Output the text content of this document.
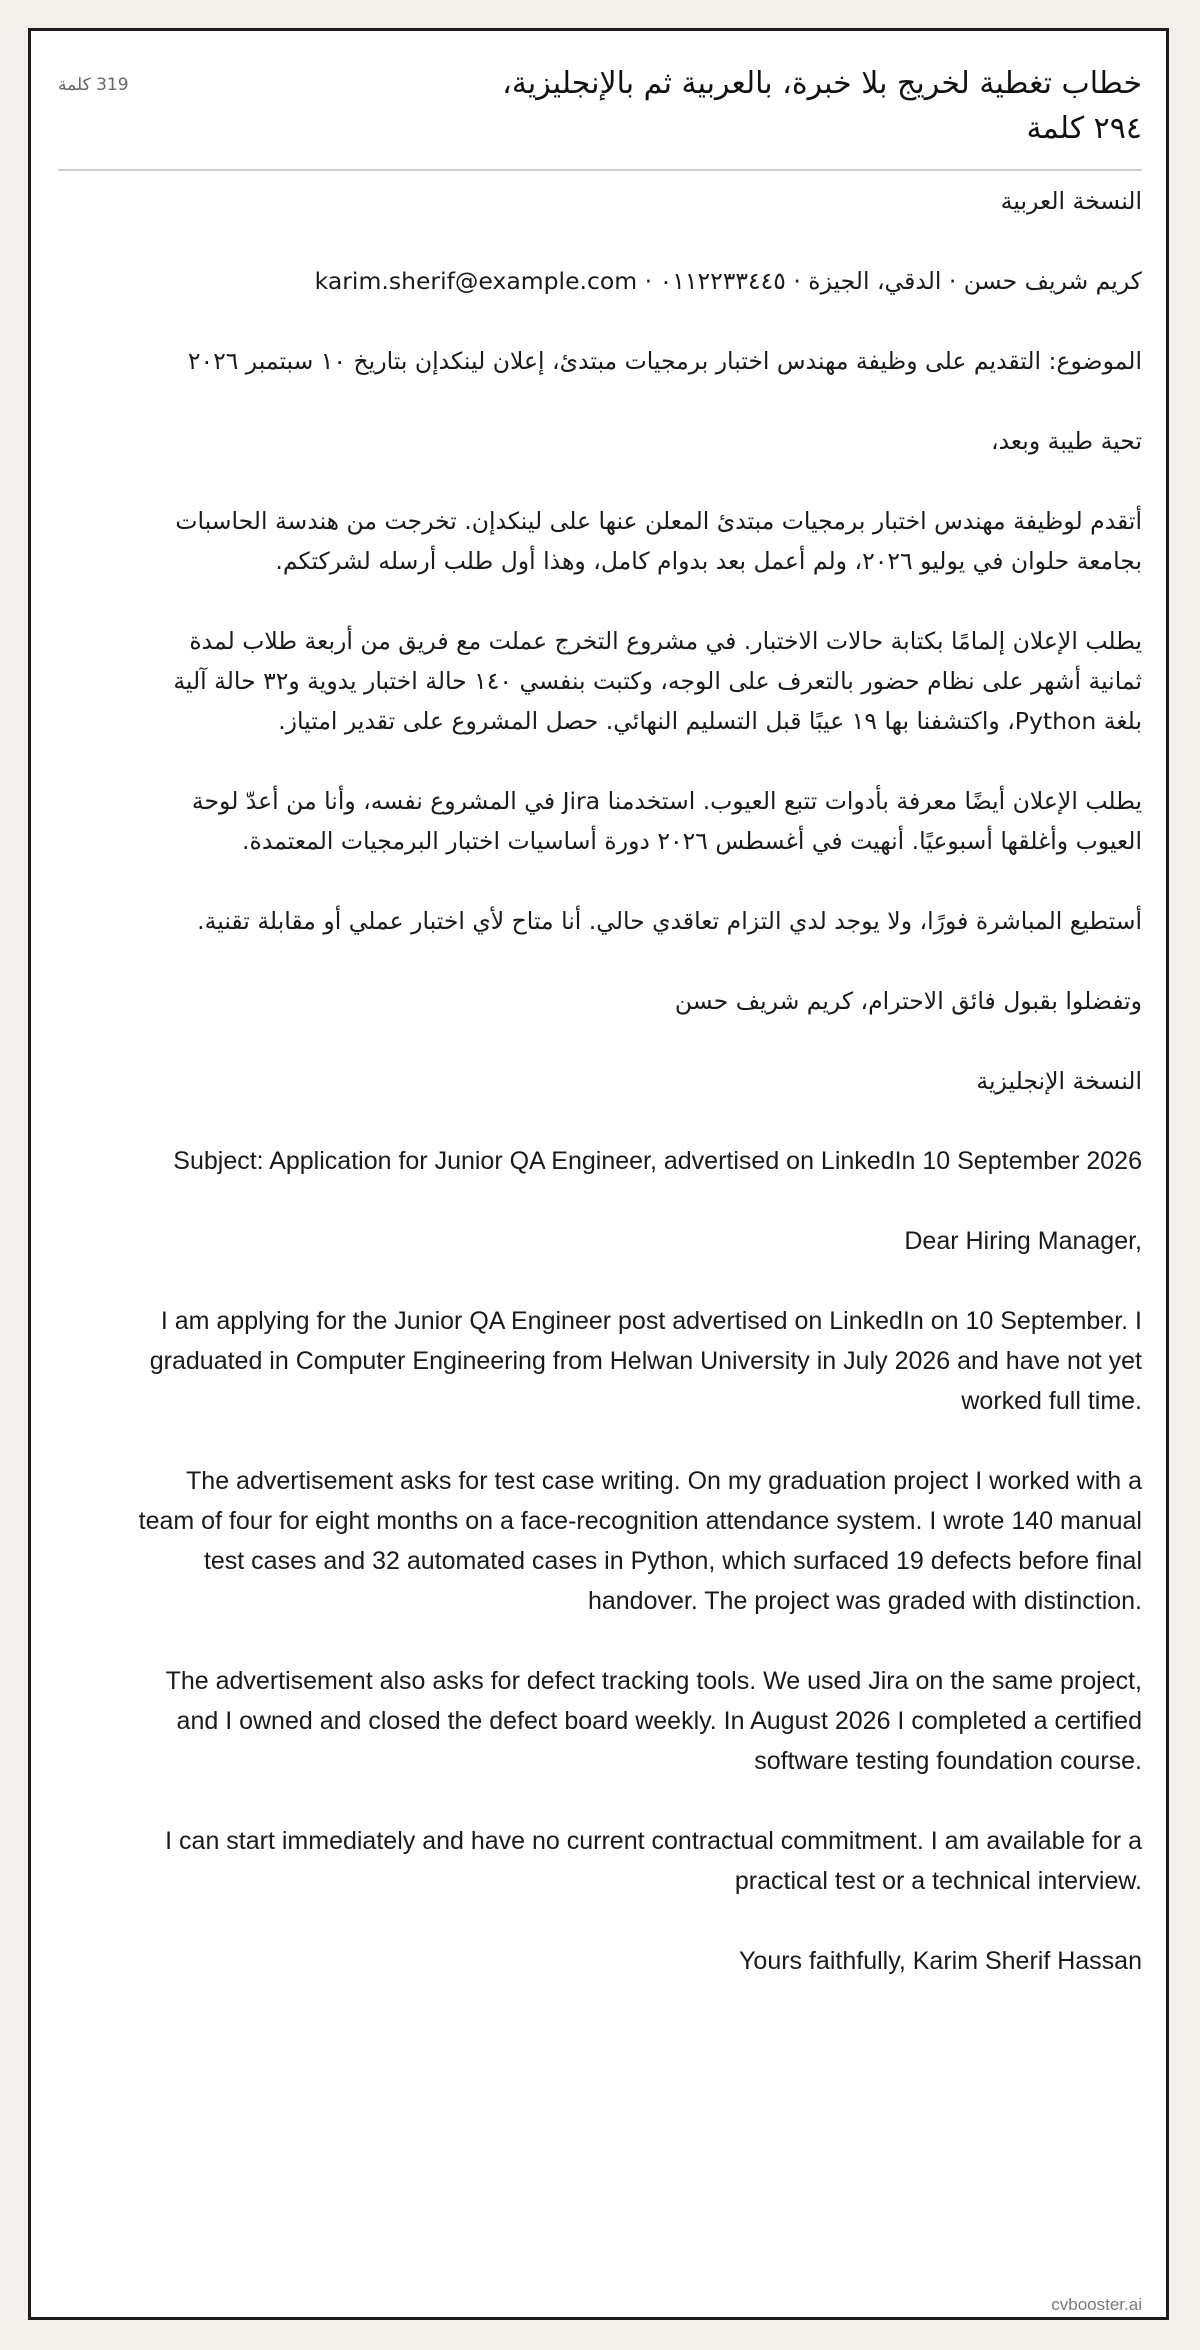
خطاب تغطية لخريج بلا خبرة، بالعربية ثم بالإنجليزية، ٢٩٤ كلمة
319 كلمة

النسخة العربية

كريم شريف حسن · الدقي، الجيزة · ٠١١٢٢٣٣٤٤٥ · karim.sherif@example.com

الموضوع: التقديم على وظيفة مهندس اختبار برمجيات مبتدئ، إعلان لينكدإن بتاريخ ١٠ سبتمبر ٢٠٢٦

تحية طيبة وبعد،

أتقدم لوظيفة مهندس اختبار برمجيات مبتدئ المعلن عنها على لينكدإن. تخرجت من هندسة الحاسبات بجامعة حلوان في يوليو ٢٠٢٦، ولم أعمل بعد بدوام كامل، وهذا أول طلب أرسله لشركتكم.

يطلب الإعلان إلمامًا بكتابة حالات الاختبار. في مشروع التخرج عملت مع فريق من أربعة طلاب لمدة ثمانية أشهر على نظام حضور بالتعرف على الوجه، وكتبت بنفسي ١٤٠ حالة اختبار يدوية و٣٢ حالة آلية بلغة Python، واكتشفنا بها ١٩ عيبًا قبل التسليم النهائي. حصل المشروع على تقدير امتياز.

يطلب الإعلان أيضًا معرفة بأدوات تتبع العيوب. استخدمنا Jira في المشروع نفسه، وأنا من أعدّ لوحة العيوب وأغلقها أسبوعيًا. أنهيت في أغسطس ٢٠٢٦ دورة أساسيات اختبار البرمجيات المعتمدة.

أستطيع المباشرة فورًا، ولا يوجد لدي التزام تعاقدي حالي. أنا متاح لأي اختبار عملي أو مقابلة تقنية.

وتفضلوا بقبول فائق الاحترام، كريم شريف حسن

النسخة الإنجليزية

Subject: Application for Junior QA Engineer, advertised on LinkedIn 10 September 2026

Dear Hiring Manager,

I am applying for the Junior QA Engineer post advertised on LinkedIn on 10 September. I graduated in Computer Engineering from Helwan University in July 2026 and have not yet worked full time.

The advertisement asks for test case writing. On my graduation project I worked with a team of four for eight months on a face-recognition attendance system. I wrote 140 manual test cases and 32 automated cases in Python, which surfaced 19 defects before final handover. The project was graded with distinction.

The advertisement also asks for defect tracking tools. We used Jira on the same project, and I owned and closed the defect board weekly. In August 2026 I completed a certified software testing foundation course.

I can start immediately and have no current contractual commitment. I am available for a practical test or a technical interview.

Yours faithfully, Karim Sherif Hassan

cvbooster.ai
